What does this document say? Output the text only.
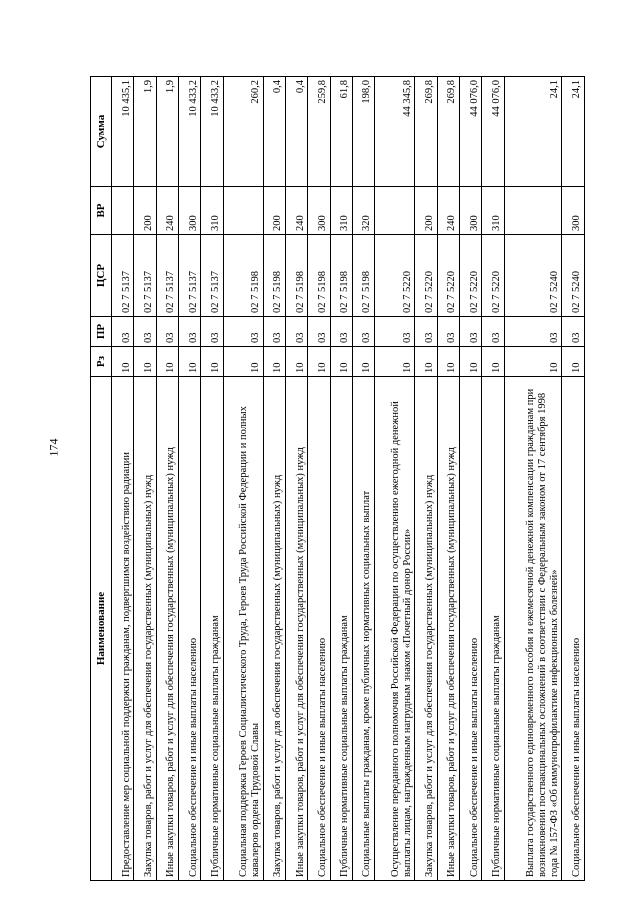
174
Наименование	Рз	ПР	ЦСР	ВР	Сумма
Предоставление мер социальной поддержки гражданам, подвергшимся воздействию радиации	10	03	02 7 5137		10 435,1
Закупка товаров, работ и услуг для обеспечения государственных (муниципальных) нужд	10	03	02 7 5137	200	1,9
Иные закупки товаров, работ и услуг для обеспечения государственных (муниципальных) нужд	10	03	02 7 5137	240	1,9
Социальное обеспечение и иные выплаты населению	10	03	02 7 5137	300	10 433,2
Публичные нормативные социальные выплаты гражданам	10	03	02 7 5137	310	10 433,2
Социальная поддержка Героев Социалистического Труда, Героев Труда Российской Федерации и полных кавалеров ордена Трудовой Славы	10	03	02 7 5198		260,2
Закупка товаров, работ и услуг для обеспечения государственных (муниципальных) нужд	10	03	02 7 5198	200	0,4
Иные закупки товаров, работ и услуг для обеспечения государственных (муниципальных) нужд	10	03	02 7 5198	240	0,4
Социальное обеспечение и иные выплаты населению	10	03	02 7 5198	300	259,8
Публичные нормативные социальные выплаты гражданам	10	03	02 7 5198	310	61,8
Социальные выплаты гражданам, кроме публичных нормативных социальных выплат	10	03	02 7 5198	320	198,0
Осуществление переданного полномочия Российской Федерации по осуществлению ежегодной денежной выплаты лицам, награжденным нагрудным знаком «Почетный донор России»	10	03	02 7 5220		44 345,8
Закупка товаров, работ и услуг для обеспечения государственных (муниципальных) нужд	10	03	02 7 5220	200	269,8
Иные закупки товаров, работ и услуг для обеспечения государственных (муниципальных) нужд	10	03	02 7 5220	240	269,8
Социальное обеспечение и иные выплаты населению	10	03	02 7 5220	300	44 076,0
Публичные нормативные социальные выплаты гражданам	10	03	02 7 5220	310	44 076,0
Выплата государственного единовременного пособия и ежемесячной денежной компенсации гражданам при возникновении поствакцинальных осложнений в соответствии с Федеральным законом от 17 сентября 1998 года № 157-ФЗ «Об иммунопрофилактике инфекционных болезней»	10	03	02 7 5240		24,1
Социальное обеспечение и иные выплаты населению	10	03	02 7 5240	300	24,1
